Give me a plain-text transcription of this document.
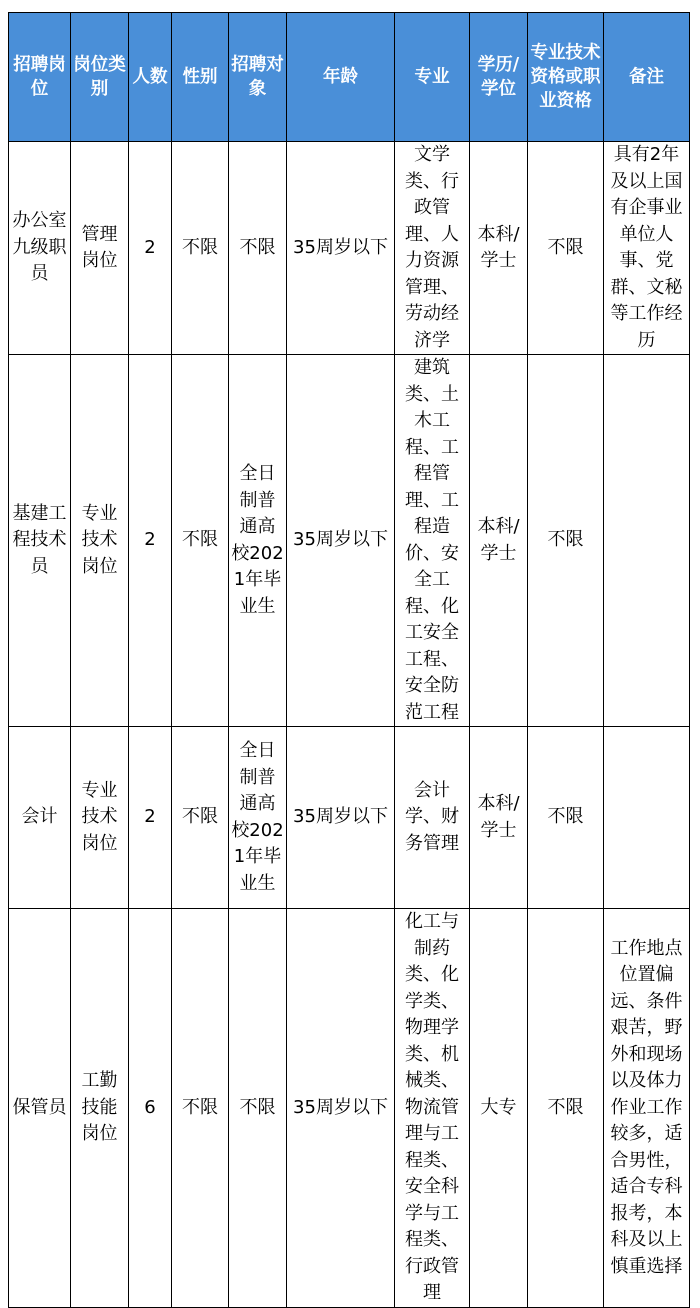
招聘岗位	岗位类别	人数	性别	招聘对象	年龄	专业	学历/学位	专业技术资格或职业资格	备注
办公室九级职员	管理岗位	2	不限	不限	35周岁以下	文学类、行政管理、人力资源管理、劳动经济学	本科/学士	不限	具有2年及以上国有企事业单位人事、党群、文秘等工作经历
基建工程技术员	专业技术岗位	2	不限	全日制普通高校2021年毕业生	35周岁以下	建筑类、土木工程、工程管理、工程造价、安全工程、化工安全工程、安全防范工程	本科/学士	不限	
会计	专业技术岗位	2	不限	全日制普通高校2021年毕业生	35周岁以下	会计学、财务管理	本科/学士	不限	
保管员	工勤技能岗位	6	不限	不限	35周岁以下	化工与制药类、化学类、物理学类、机械类、物流管理与工程类、安全科学与工程类、行政管理	大专	不限	工作地点位置偏远、条件艰苦，野外和现场以及体力作业工作较多，适合男性，适合专科报考，本科及以上慎重选择
